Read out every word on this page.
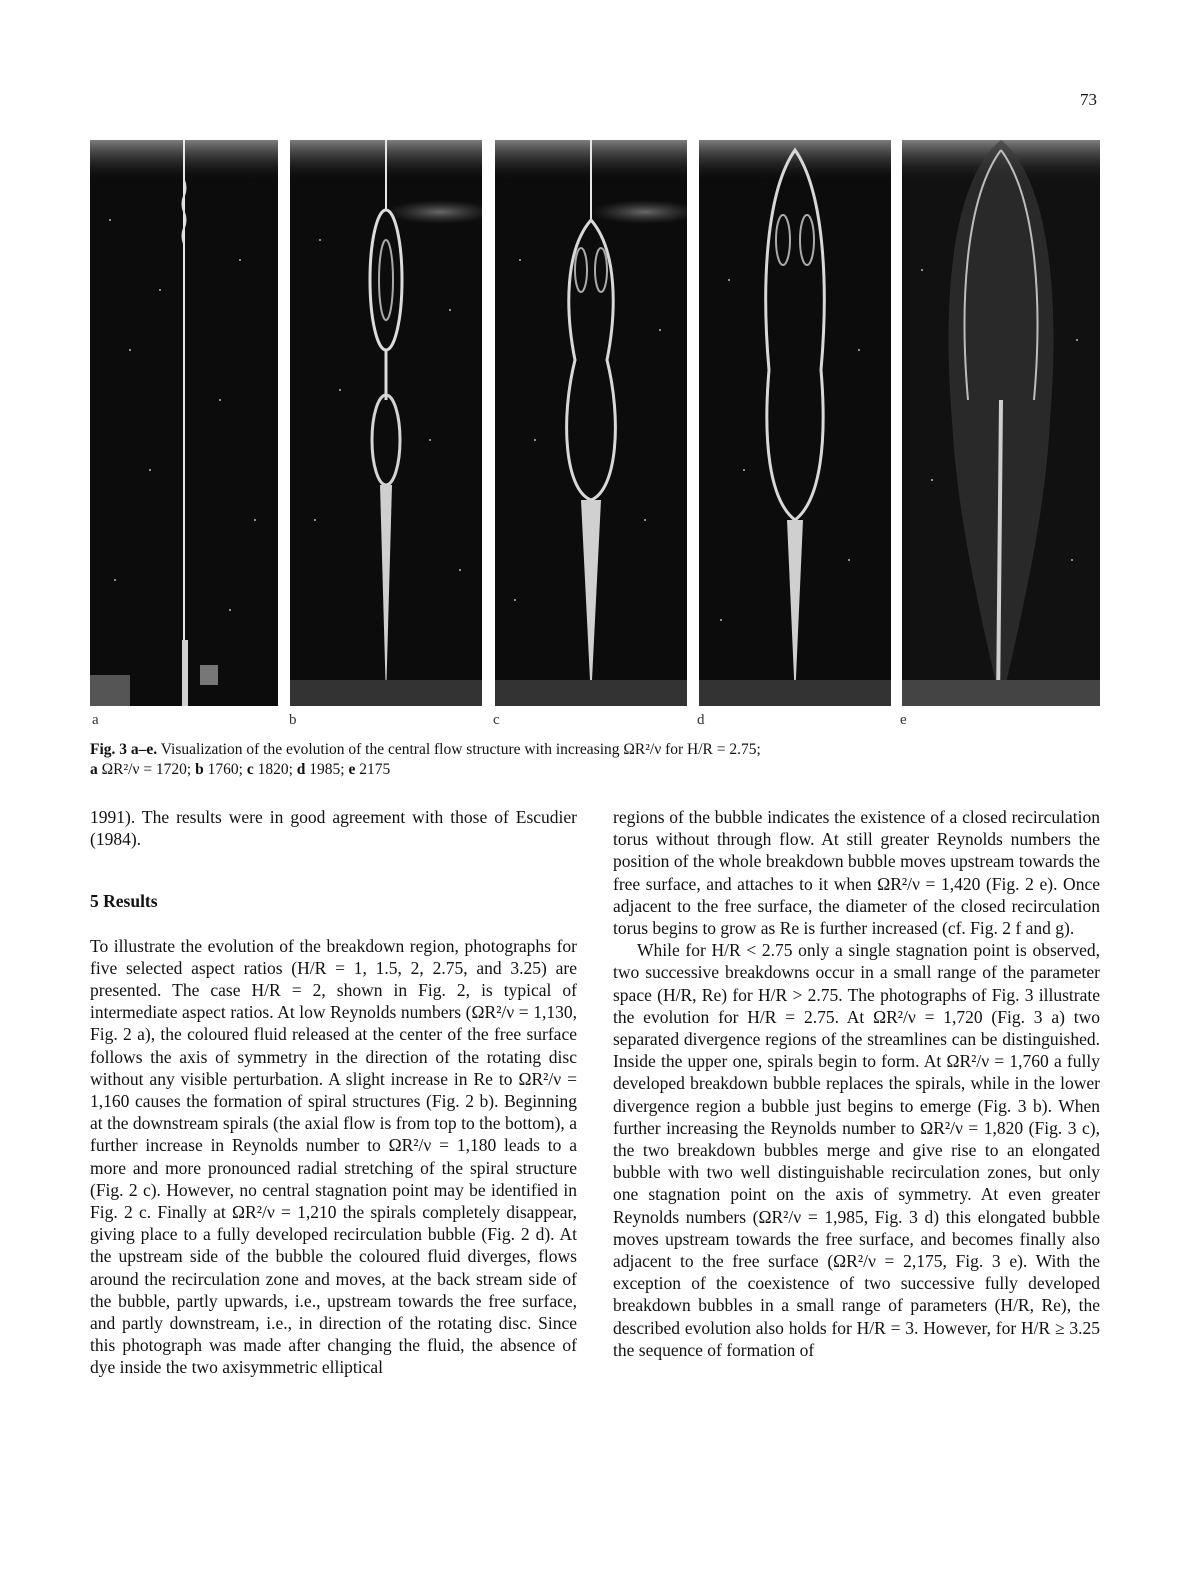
73
a	b	c	d	e
Fig. 3 a–e. Visualization of the evolution of the central flow structure with increasing ΩR²/ν for H/R = 2.75;
a ΩR²/ν = 1720; b 1760; c 1820; d 1985; e 2175

1991). The results were in good agreement with those of Escudier (1984).

5 Results

To illustrate the evolution of the breakdown region, photographs for five selected aspect ratios (H/R = 1, 1.5, 2, 2.75, and 3.25) are presented. The case H/R = 2, shown in Fig. 2, is typical of intermediate aspect ratios. At low Reynolds numbers (ΩR²/ν = 1,130, Fig. 2 a), the coloured fluid released at the center of the free surface follows the axis of symmetry in the direction of the rotating disc without any visible perturbation. A slight increase in Re to ΩR²/ν = 1,160 causes the formation of spiral structures (Fig. 2 b). Beginning at the downstream spirals (the axial flow is from top to the bottom), a further increase in Reynolds number to ΩR²/ν = 1,180 leads to a more and more pronounced radial stretching of the spiral structure (Fig. 2 c). However, no central stagnation point may be identified in Fig. 2 c. Finally at ΩR²/ν = 1,210 the spirals completely disappear, giving place to a fully developed recirculation bubble (Fig. 2 d). At the upstream side of the bubble the coloured fluid diverges, flows around the recirculation zone and moves, at the back stream side of the bubble, partly upwards, i.e., upstream towards the free surface, and partly downstream, i.e., in direction of the rotating disc. Since this photograph was made after changing the fluid, the absence of dye inside the two axisymmetric elliptical

regions of the bubble indicates the existence of a closed recirculation torus without through flow. At still greater Reynolds numbers the position of the whole breakdown bubble moves upstream towards the free surface, and attaches to it when ΩR²/ν = 1,420 (Fig. 2 e). Once adjacent to the free surface, the diameter of the closed recirculation torus begins to grow as Re is further increased (cf. Fig. 2 f and g).

While for H/R < 2.75 only a single stagnation point is observed, two successive breakdowns occur in a small range of the parameter space (H/R, Re) for H/R > 2.75. The photographs of Fig. 3 illustrate the evolution for H/R = 2.75. At ΩR²/ν = 1,720 (Fig. 3 a) two separated divergence regions of the streamlines can be distinguished. Inside the upper one, spirals begin to form. At ΩR²/ν = 1,760 a fully developed breakdown bubble replaces the spirals, while in the lower divergence region a bubble just begins to emerge (Fig. 3 b). When further increasing the Reynolds number to ΩR²/ν = 1,820 (Fig. 3 c), the two breakdown bubbles merge and give rise to an elongated bubble with two well distinguishable recirculation zones, but only one stagnation point on the axis of symmetry. At even greater Reynolds numbers (ΩR²/ν = 1,985, Fig. 3 d) this elongated bubble moves upstream towards the free surface, and becomes finally also adjacent to the free surface (ΩR²/ν = 2,175, Fig. 3 e). With the exception of the coexistence of two successive fully developed breakdown bubbles in a small range of parameters (H/R, Re), the described evolution also holds for H/R = 3. However, for H/R ≥ 3.25 the sequence of formation of
